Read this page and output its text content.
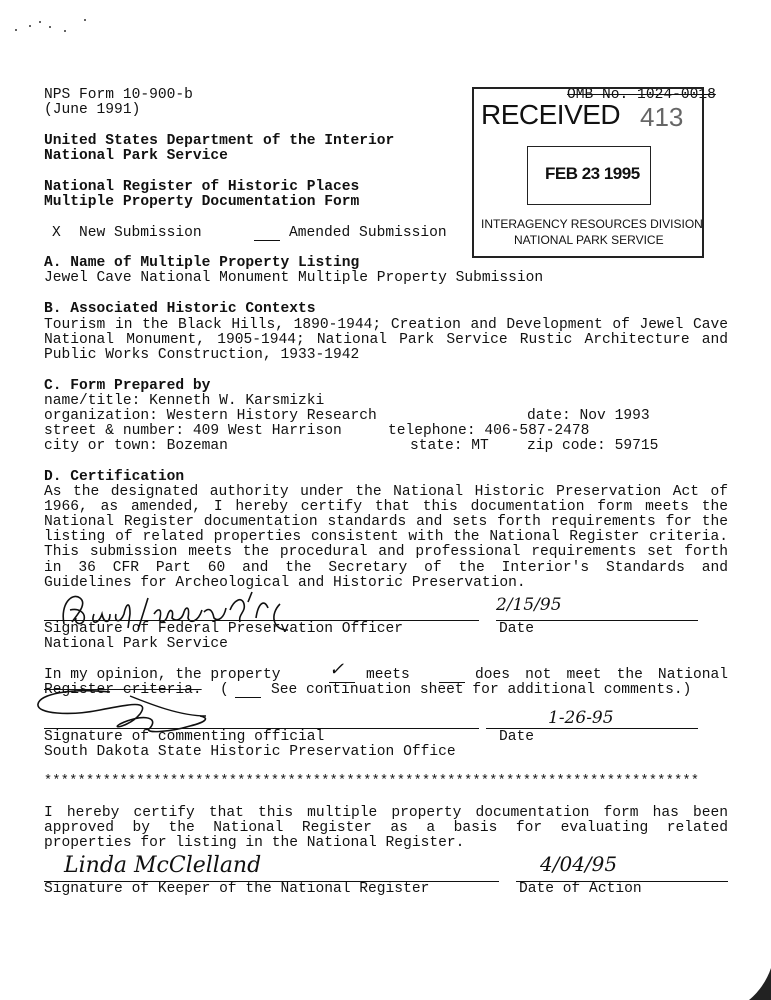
NPS Form 10-900-b
(June 1991)
OMB No. 1024-0018
United States Department of the Interior
National Park Service
National Register of Historic Places
Multiple Property Documentation Form
X New Submission	Amended Submission
RECEIVED 413
FEB 23 1995
INTERAGENCY RESOURCES DIVISION
NATIONAL PARK SERVICE
A. Name of Multiple Property Listing
Jewel Cave National Monument Multiple Property Submission
B. Associated Historic Contexts
Tourism in the Black Hills, 1890-1944; Creation and Development of Jewel Cave
National Monument, 1905-1944; National Park Service Rustic Architecture and
Public Works Construction, 1933-1942
C. Form Prepared by
name/title: Kenneth W. Karsmizki
organization: Western History Research	date: Nov 1993
street & number: 409 West Harrison	telephone: 406-587-2478
city or town: Bozeman	state: MT	zip code: 59715
D. Certification
As the designated authority under the National Historic Preservation Act of
1966, as amended, I hereby certify that this documentation form meets the
National Register documentation standards and sets forth requirements for the
listing of related properties consistent with the National Register criteria.
This submission meets the procedural and professional requirements set forth
in 36 CFR Part 60 and the Secretary of the Interior's Standards and
Guidelines for Archeological and Historic Preservation.
2/15/95
Signature of Federal Preservation Officer	Date
National Park Service
In my opinion, the property	✓ meets	does not meet the National
Register criteria. (	See continuation sheet for additional comments.)
1-26-95
Signature of commenting official	Date
South Dakota State Historic Preservation Office
******************************************************************************
I hereby certify that this multiple property documentation form has been
approved by the National Register as a basis for evaluating related
properties for listing in the National Register.
Linda McClelland	4/04/95
Signature of Keeper of the National Register	Date of Action
